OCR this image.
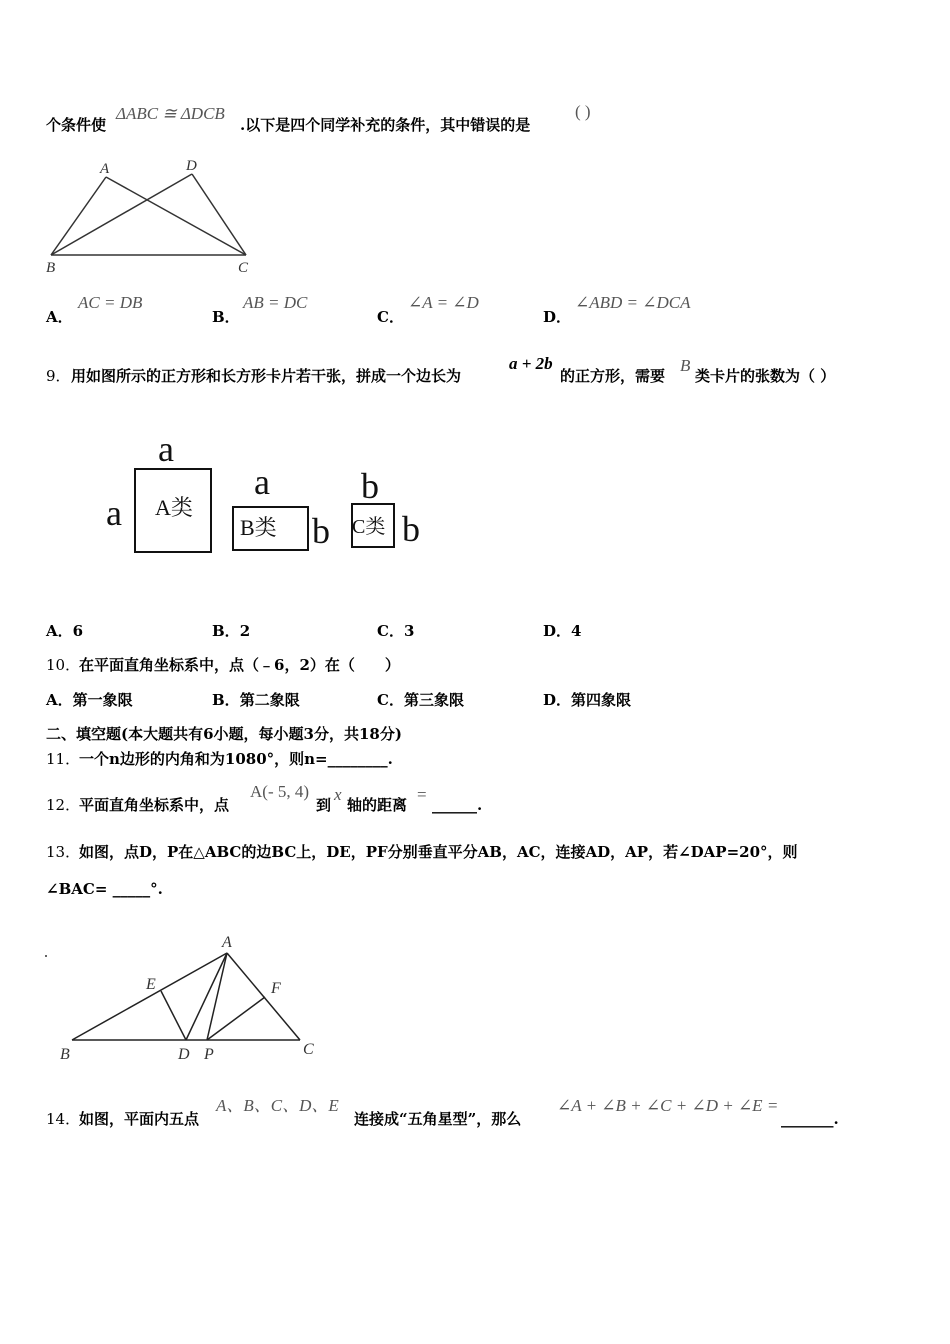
个条件使
ΔABC ≅ ΔDCB
.以下是四个同学补充的条件，其中错误的是
( )
A	D
B	C
A．
AC = DB
B．
AB = DC
C．
∠A = ∠D
D．
∠ABD = ∠DCA
9． 用如图所示的正方形和长方形卡片若干张，拼成一个边长为
a + 2b
的正方形，需要
B
类卡片的张数为（ ）
a
a A类
a
b
B类
b
b
C类
A．6	B．2	C．3	D．4
10．
在平面直角坐标系中，点（﹣6，2）在（　　）
A．第一象限	B．第二象限	C．第三象限	D．第四象限
二、填空题(本大题共有6小题，每小题3分，共18分)
11．
一个n边形的内角和为1080°，则n=________.
12．
平面直角坐标系中，点
A(- 5, 4)
到
x
轴的距离
=
______.
13．
如图，点D，P在△ABC的边BC上，DE，PF分别垂直平分AB，AC，连接AD，AP，若∠DAP=20°，则
∠BAC= _____°.
A
E	F
B	D P	C
14．
如图，平面内五点
A、B、C、D、E
连接成“五角星型”，那么
∠A + ∠B + ∠C + ∠D + ∠E =
_______.
